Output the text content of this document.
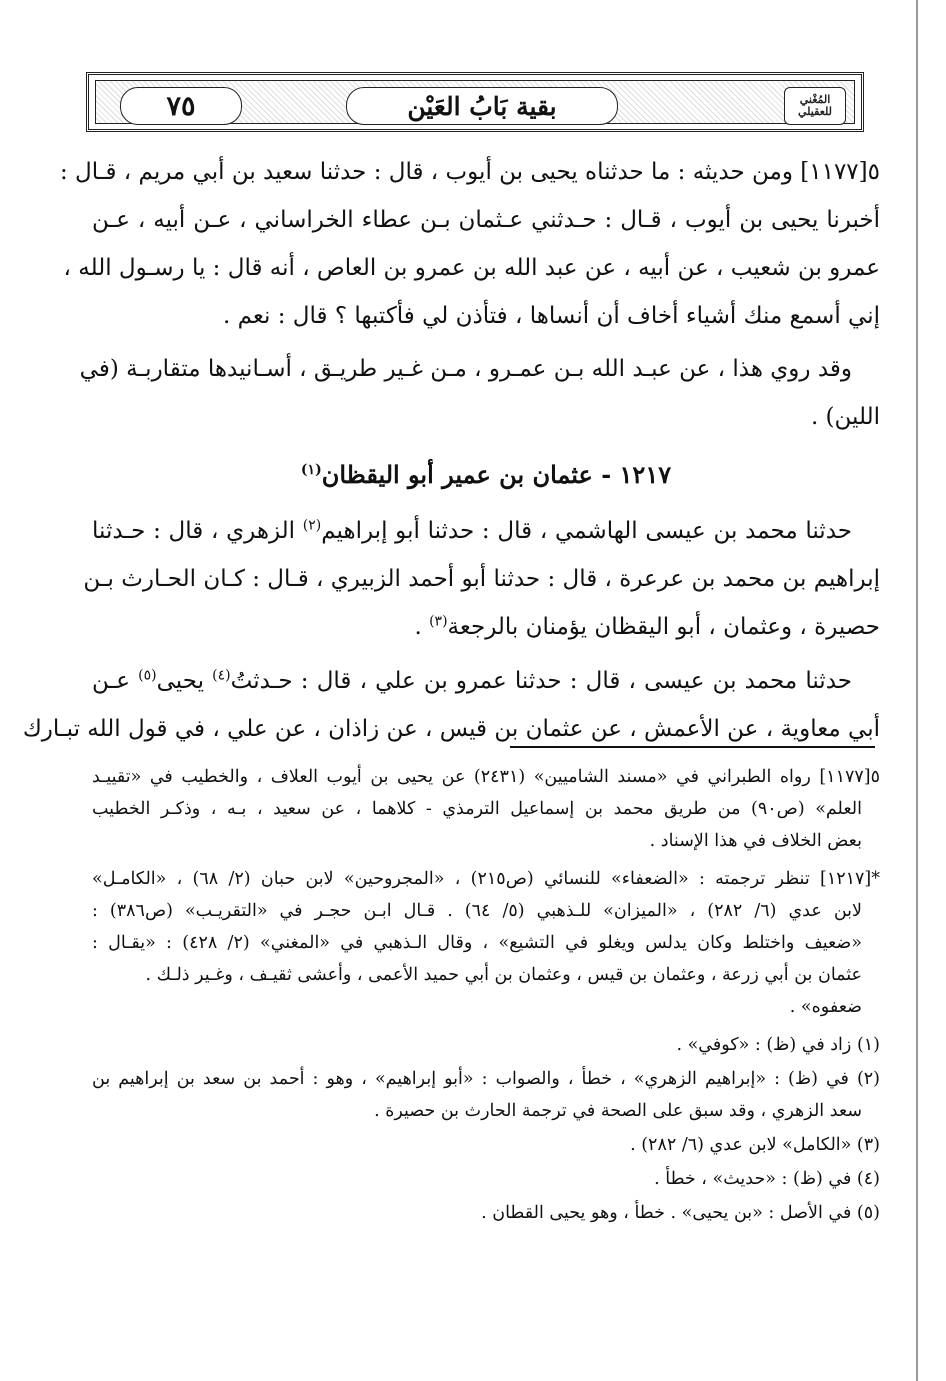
٧٥	بقية بَابُ العَيْن	المُغْني
للعقيلي
٥[١١٧٧] ومن حديثه : ما حدثناه يحيى بن أيوب ، قال : حدثنا سعيد بن أبي مريم ، قـال :
أخبرنا يحيى بن أيوب ، قـال : حـدثني عـثمان بـن عطاء الخراساني ، عـن أبيه ، عـن
عمرو بن شعيب ، عن أبيه ، عن عبد الله بن عمرو بن العاص ، أنه قال : يا رسـول الله ،
إني أسمع منك أشياء أخاف أن أنساها ، فتأذن لي فأكتبها ؟ قال : نعم .
وقد روي هذا ، عن عبـد الله بـن عمـرو ، مـن غـير طريـق ، أسـانيدها متقاربـة (في
اللين) .
١٢١٧ - عثمان بن عمير أبو اليقظان$^{(١)}$
حدثنا محمد بن عيسى الهاشمي ، قال : حدثنا أبو إبراهيم$^{(٢)}$ الزهري ، قال : حـدثنا
إبراهيم بن محمد بن عرعرة ، قال : حدثنا أبو أحمد الزبيري ، قـال : كـان الحـارث بـن
حصيرة ، وعثمان ، أبو اليقظان يؤمنان بالرجعة$^{(٣)}$ .
حدثنا محمد بن عيسى ، قال : حدثنا عمرو بن علي ، قال : حـدثتُ$^{(٤)}$ يحيى$^{(٥)}$ عـن
أبي معاوية ، عن الأعمش ، عن عثمان بن قيس ، عن زاذان ، عن علي ، في قول الله تبـارك
٥[١١٧٧] رواه الطبراني في «مسند الشاميين» (٢٤٣١) عن يحيى بن أيوب العلاف ، والخطيب في «تقييـد
العلم» (ص٩٠) من طريق محمد بن إسماعيل الترمذي - كلاهما ، عن سعيد ، بـه ، وذكـر الخطيب
بعض الخلاف في هذا الإسناد .
*[١٢١٧] تنظر ترجمته : «الضعفاء» للنسائي (ص٢١٥) ، «المجروحين» لابن حبان (٢/ ٦٨) ، «الكامـل»
لابن عدي (٦/ ٢٨٢) ، «الميزان» للـذهبي (٥/ ٦٤) . قـال ابـن حجـر في «التقريـب» (ص٣٨٦) :
«ضعيف واختلط وكان يدلس ويغلو في التشيع» ، وقال الـذهبي في «المغني» (٢/ ٤٢٨) : «يقـال :
عثمان بن أبي زرعة ، وعثمان بن قيس ، وعثمان بن أبي حميد الأعمى ، وأعشى ثقيـف ، وغـير ذلـك .
ضعفوه» .
(١) زاد في (ظ) : «كوفي» .
(٢) في (ظ) : «إبراهيم الزهري» ، خطأ ، والصواب : «أبو إبراهيم» ، وهو : أحمد بن سعد بن إبراهيم بن
سعد الزهري ، وقد سبق على الصحة في ترجمة الحارث بن حصيرة .
(٣) «الكامل» لابن عدي (٦/ ٢٨٢) .
(٤) في (ظ) : «حديث» ، خطأ .
(٥) في الأصل : «بن يحيى» . خطأ ، وهو يحيى القطان .
